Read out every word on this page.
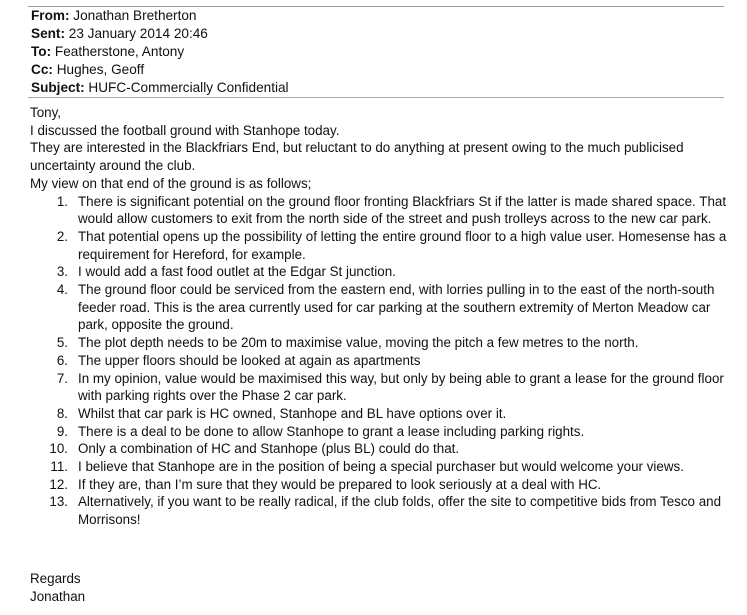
From: Jonathan Bretherton
Sent: 23 January 2014 20:46
To: Featherstone, Antony
Cc: Hughes, Geoff
Subject: HUFC-Commercially Confidential

Tony,

I discussed the football ground with Stanhope today.

They are interested in the Blackfriars End, but reluctant to do anything at present owing to the much publicised uncertainty around the club.

My view on that end of the ground is as follows;

1. There is significant potential on the ground floor fronting Blackfriars St if the latter is made shared space. That would allow customers to exit from the north side of the street and push trolleys across to the new car park.
2. That potential opens up the possibility of letting the entire ground floor to a high value user. Homesense has a requirement for Hereford, for example.
3. I would add a fast food outlet at the Edgar St junction.
4. The ground floor could be serviced from the eastern end, with lorries pulling in to the east of the north-south feeder road. This is the area currently used for car parking at the southern extremity of Merton Meadow car park, opposite the ground.
5. The plot depth needs to be 20m to maximise value, moving the pitch a few metres to the north.
6. The upper floors should be looked at again as apartments
7. In my opinion, value would be maximised this way, but only by being able to grant a lease for the ground floor with parking rights over the Phase 2 car park.
8. Whilst that car park is HC owned, Stanhope and BL have options over it.
9. There is a deal to be done to allow Stanhope to grant a lease including parking rights.
10. Only a combination of HC and Stanhope (plus BL) could do that.
11. I believe that Stanhope are in the position of being a special purchaser but would welcome your views.
12. If they are, than I’m sure that they would be prepared to look seriously at a deal with HC.
13. Alternatively, if you want to be really radical, if the club folds, offer the site to competitive bids from Tesco and Morrisons!
Regards
Jonathan
